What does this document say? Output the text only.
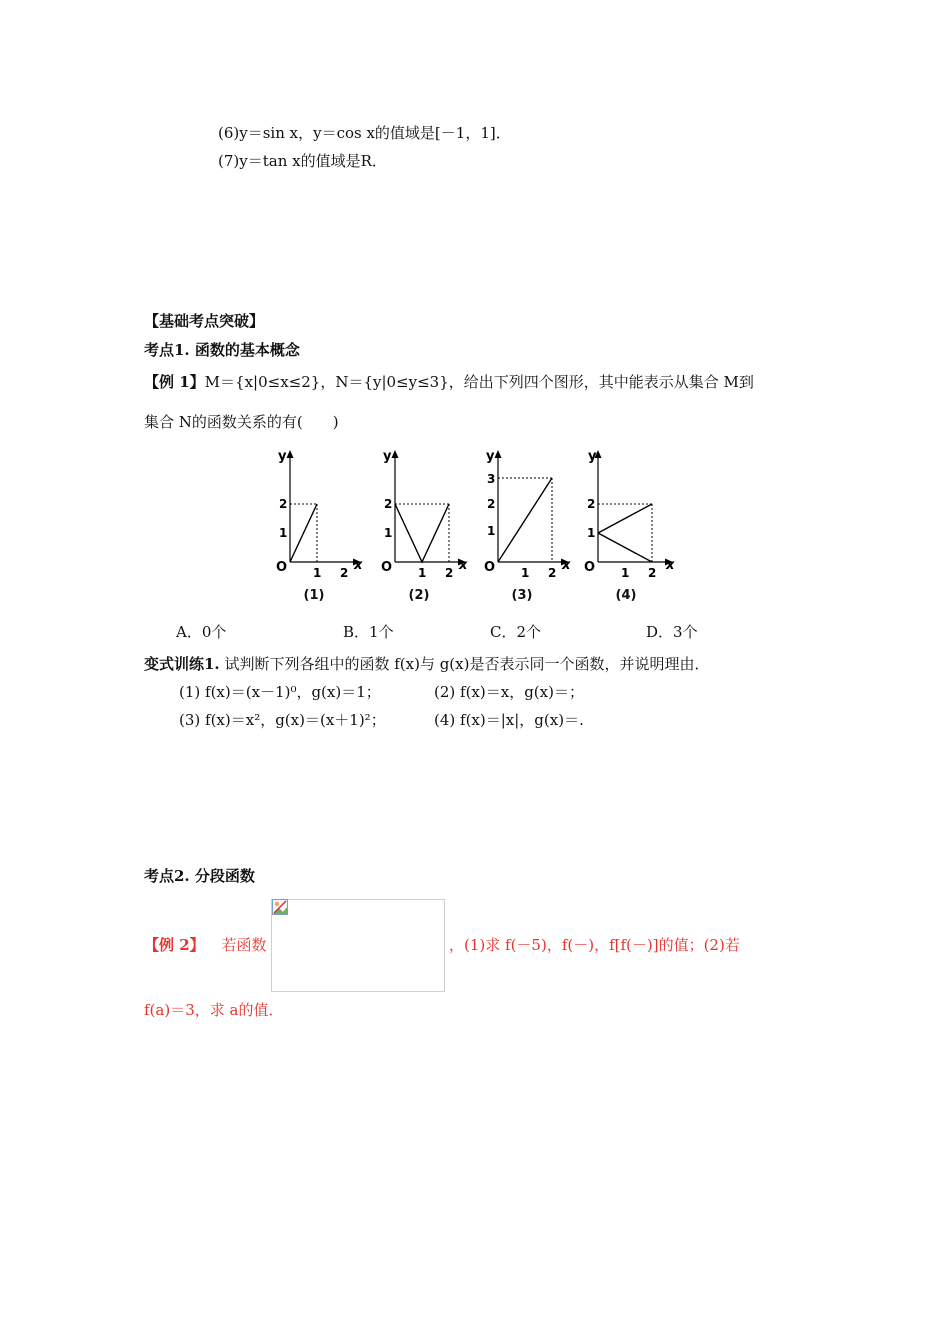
(6)y＝sin x，y＝cos x的值域是[－1，1]．
(7)y＝tan x的值域是R．
【基础考点突破】
考点1. 函数的基本概念
【例 1】M＝{x|0≤x≤2}，N＝{y|0≤y≤3}，给出下列四个图形，其中能表示从集合 M到
集合 N的函数关系的有(　　)
y
x
O
1
2
1 2
(1)
y
x
O
1
2
1 2
(2)
y
x
O
1
2
3
1 2
(3)
y
x
O
1
2
1 2
(4)
A．0个	B．1个	C．2个	D．3个
变式训练1. 试判断下列各组中的函数 f(x)与 g(x)是否表示同一个函数，并说明理由．
(1) f(x)＝(x－1)⁰，g(x)＝1；	(2) f(x)＝x，g(x)＝；
(3) f(x)＝x²，g(x)＝(x＋1)²；	(4) f(x)＝|x|，g(x)＝.
考点2. 分段函数
【例 2】 若函数	，(1)求 f(－5)，f(－)，f[f(－)]的值；(2)若
f(a)＝3，求 a的值．
